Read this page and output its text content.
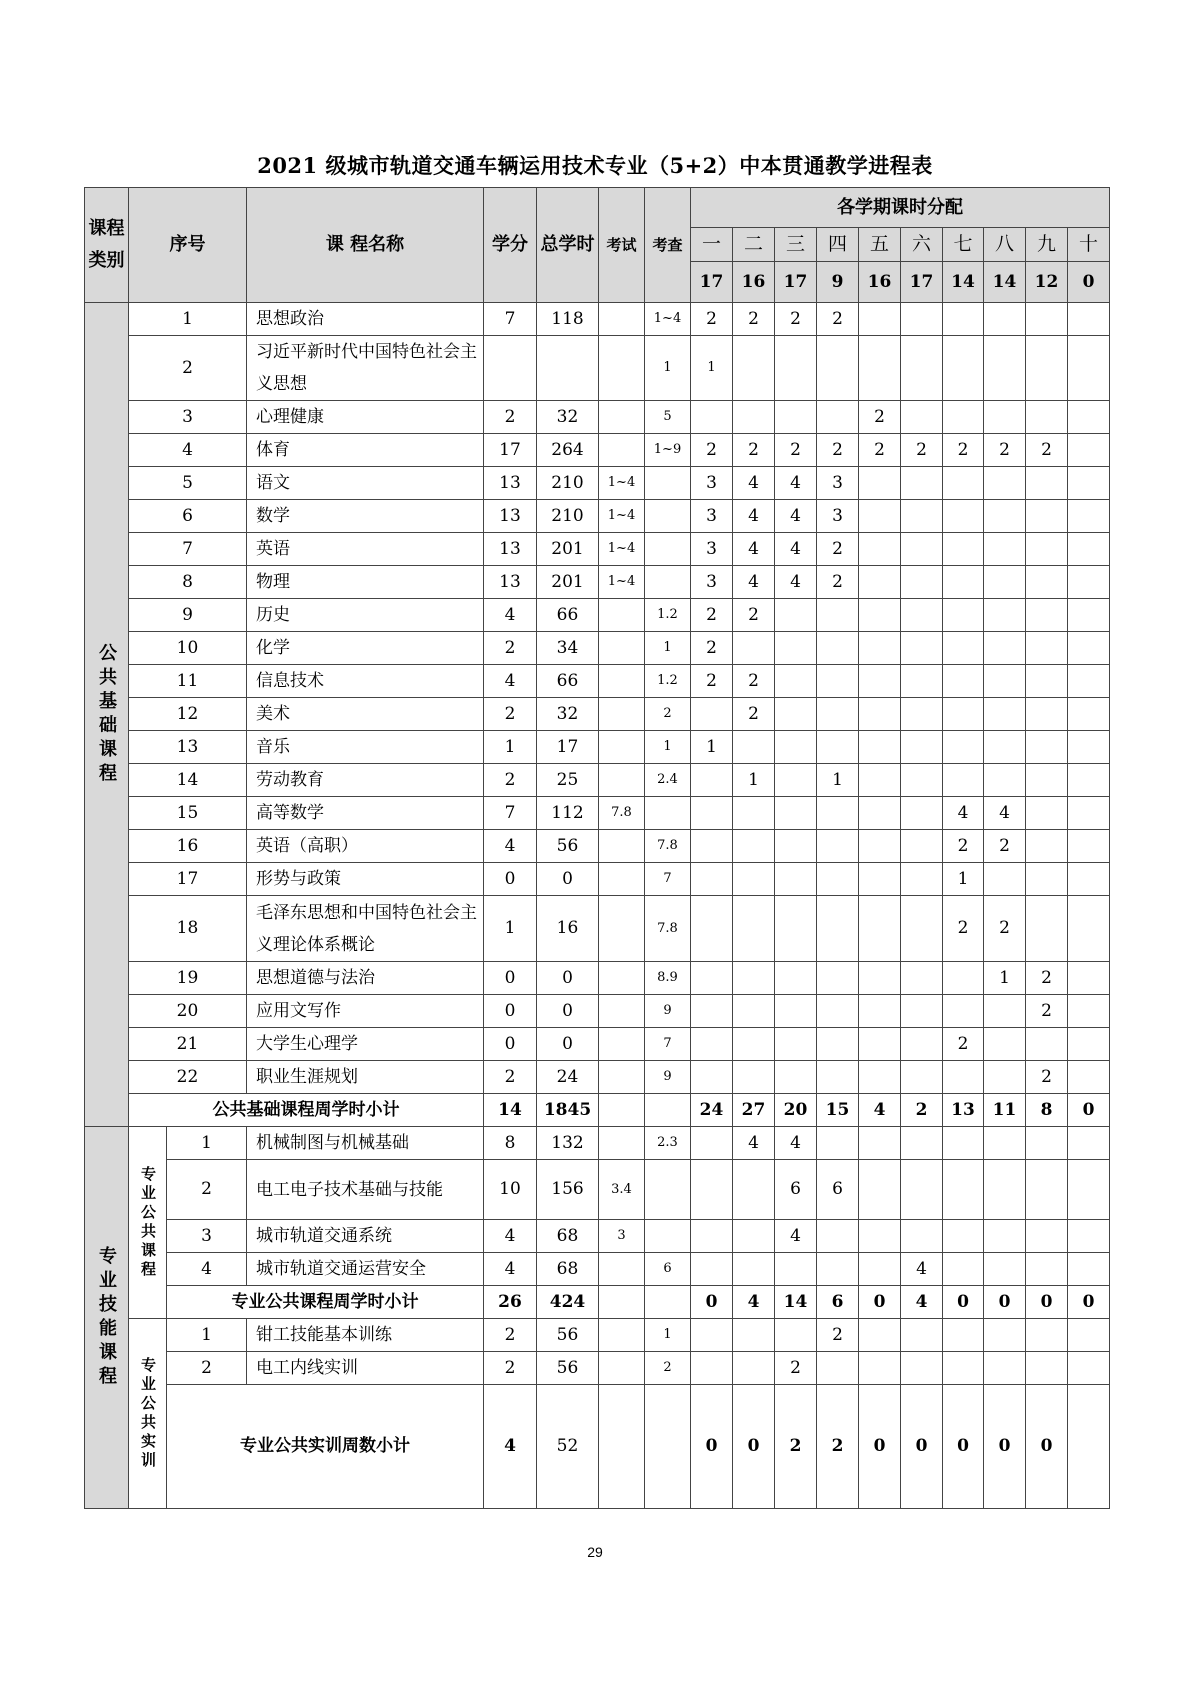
2021 级城市轨道交通车辆运用技术专业（5+2）中本贯通教学进程表
课程类别	序号		课 程名称	学分	总学时	考试	考查	各学期课时分配									
								一	二	三	四	五	六	七	八	九	十
								17	16	17	9	16	17	14	14	12	0
公共基础课程	1		思想政治	7	118		1~4	2	2	2	2						
	2		习近平新时代中国特色社会主义思想				1	1									
	3		心理健康	2	32		5					2					
	4		体育	17	264		1~9	2	2	2	2	2	2	2	2	2	
	5		语文	13	210	1~4		3	4	4	3						
	6		数学	13	210	1~4		3	4	4	3						
	7		英语	13	201	1~4		3	4	4	2						
	8		物理	13	201	1~4		3	4	4	2						
	9		历史	4	66		1.2	2	2								
	10		化学	2	34		1	2									
	11		信息技术	4	66		1.2	2	2								
	12		美术	2	32		2		2								
	13		音乐	1	17		1	1									
	14		劳动教育	2	25		2.4		1		1						
	15		高等数学	7	112	7.8								4	4		
	16		英语（高职）	4	56		7.8							2	2		
	17		形势与政策	0	0		7							1			
	18		毛泽东思想和中国特色社会主义理论体系概论	1	16		7.8							2	2		
	19		思想道德与法治	0	0		8.9								1	2	
	20		应用文写作	0	0		9									2	
	21		大学生心理学	0	0		7							2			
	22		职业生涯规划	2	24		9									2	
	公共基础课程周学时小计			14	1845			24	27	20	15	4	2	13	11	8	0
专业技能课程	专业公共课程	1	机械制图与机械基础	8	132		2.3		4	4							
		2	电工电子技术基础与技能	10	156	3.4				6	6						
		3	城市轨道交通系统	4	68	3				4							
		4	城市轨道交通运营安全	4	68		6						4				
		专业公共课程周学时小计		26	424			0	4	14	6	0	4	0	0	0	0
	专业公共实训	1	钳工技能基本训练	2	56		1				2						
		2	电工内线实训	2	56		2			2							
		专业公共实训周数小计		4	52			0	0	2	2	0	0	0	0	0	
29
